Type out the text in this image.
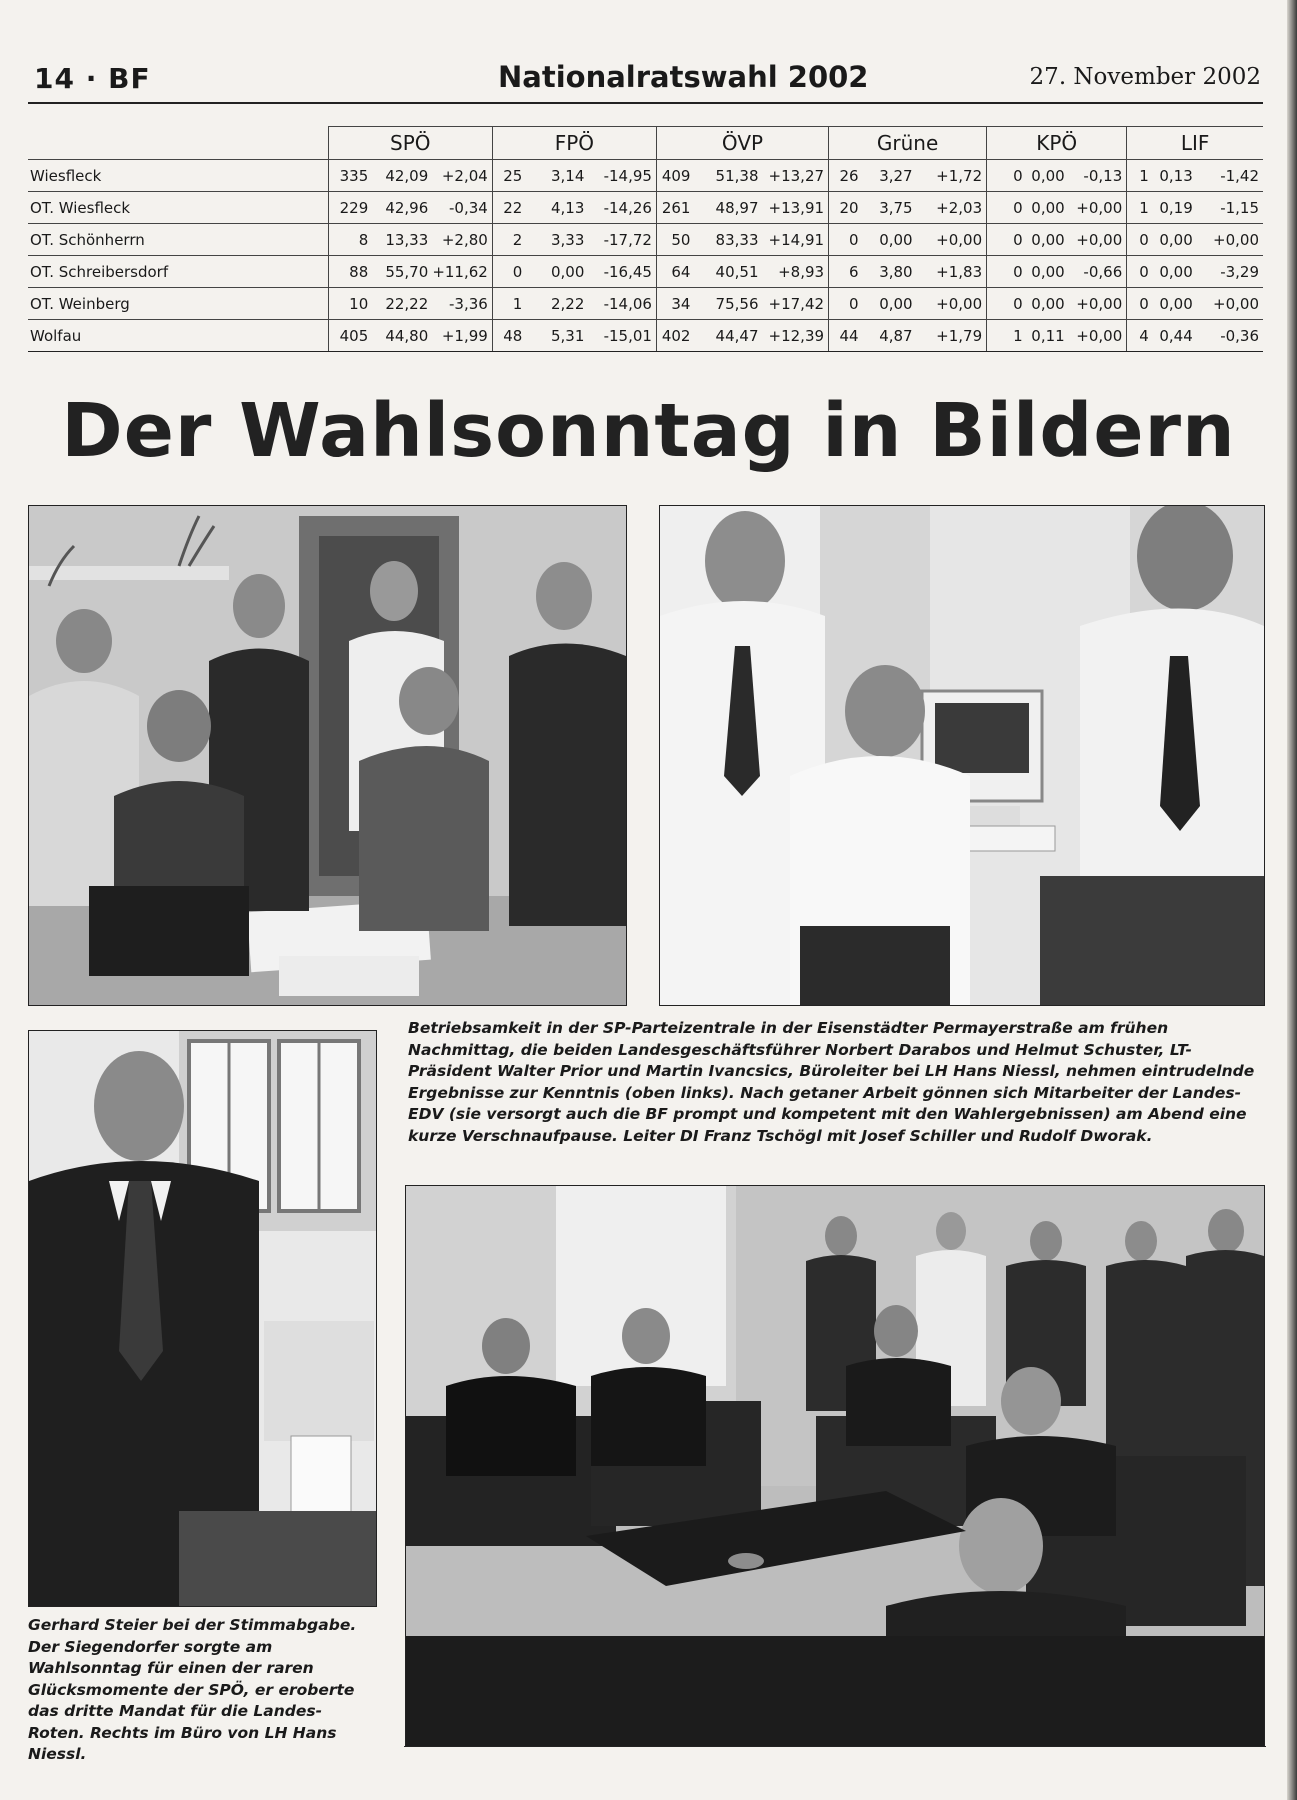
14 · BF	Nationalratswahl 2002	27. November 2002
	SPÖ			FPÖ			ÖVP			Grüne			KPÖ			LIF		
Wiesfleck	335	42,09	+2,04	25	3,14	-14,95	409	51,38	+13,27	26	3,27	+1,72	0	0,00	-0,13	1	0,13	-1,42
OT. Wiesfleck	229	42,96	-0,34	22	4,13	-14,26	261	48,97	+13,91	20	3,75	+2,03	0	0,00	+0,00	1	0,19	-1,15
OT. Schönherrn	8	13,33	+2,80	2	3,33	-17,72	50	83,33	+14,91	0	0,00	+0,00	0	0,00	+0,00	0	0,00	+0,00
OT. Schreibersdorf	88	55,70	+11,62	0	0,00	-16,45	64	40,51	+8,93	6	3,80	+1,83	0	0,00	-0,66	0	0,00	-3,29
OT. Weinberg	10	22,22	-3,36	1	2,22	-14,06	34	75,56	+17,42	0	0,00	+0,00	0	0,00	+0,00	0	0,00	+0,00
Wolfau	405	44,80	+1,99	48	5,31	-15,01	402	44,47	+12,39	44	4,87	+1,79	1	0,11	+0,00	4	0,44	-0,36
Der Wahlsonntag in Bildern

Betriebsamkeit in der SP-Parteizentrale in der Eisenstädter Permayerstraße am frühen Nachmittag, die beiden Landesgeschäftsführer Norbert Darabos und Helmut Schuster, LT-Präsident Walter Prior und Martin Ivancsics, Büroleiter bei LH Hans Niessl, nehmen eintrudelnde Ergebnisse zur Kenntnis (oben links). Nach getaner Arbeit gönnen sich Mitarbeiter der Landes-EDV (sie versorgt auch die BF prompt und kompetent mit den Wahlergebnissen) am Abend eine kurze Verschnaufpause. Leiter DI Franz Tschögl mit Josef Schiller und Rudolf Dworak.

Gerhard Steier bei der Stimmabgabe. Der Siegendorfer sorgte am Wahlsonntag für einen der raren Glücksmomente der SPÖ, er eroberte das dritte Mandat für die Landes-Roten. Rechts im Büro von LH Hans Niessl.
